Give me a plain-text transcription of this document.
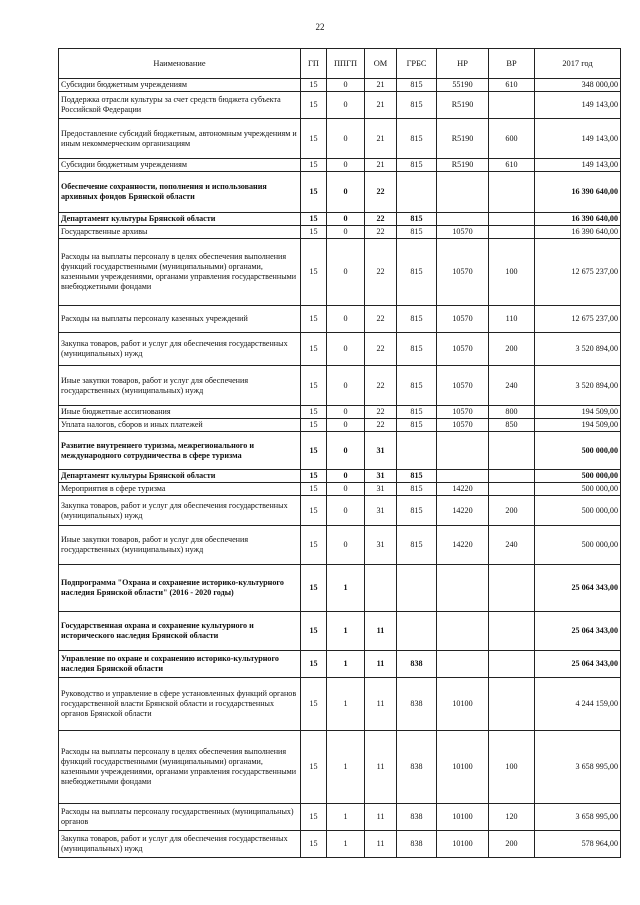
22
Наименование	ГП	ППГП	ОМ	ГРБС	НР	ВР	2017 год
Субсидии бюджетным учреждениям	15	0	21	815	55190	610	348 000,00
Поддержка отрасли культуры за счет средств бюджета субъекта Российской Федерации	15	0	21	815	R5190		149 143,00
Предоставление субсидий бюджетным, автономным учреждениям и иным некоммерческим организациям	15	0	21	815	R5190	600	149 143,00
Субсидии бюджетным учреждениям	15	0	21	815	R5190	610	149 143,00
Обеспечение сохранности, пополнения и использования архивных фондов Брянской области	15	0	22				16 390 640,00
Департамент культуры Брянской области	15	0	22	815			16 390 640,00
Государственные архивы	15	0	22	815	10570		16 390 640,00
Расходы на выплаты персоналу в целях обеспечения выполнения функций государственными (муниципальными) органами, казенными учреждениями, органами управления государственными внебюджетными фондами	15	0	22	815	10570	100	12 675 237,00
Расходы на выплаты персоналу казенных учреждений	15	0	22	815	10570	110	12 675 237,00
Закупка товаров, работ и услуг для обеспечения государственных (муниципальных) нужд	15	0	22	815	10570	200	3 520 894,00
Иные закупки товаров, работ и услуг для обеспечения государственных (муниципальных) нужд	15	0	22	815	10570	240	3 520 894,00
Иные бюджетные ассигнования	15	0	22	815	10570	800	194 509,00
Уплата налогов, сборов и иных платежей	15	0	22	815	10570	850	194 509,00
Развитие внутреннего туризма, межрегионального и международного сотрудничества в сфере туризма	15	0	31				500 000,00
Департамент культуры Брянской области	15	0	31	815			500 000,00
Мероприятия в сфере туризма	15	0	31	815	14220		500 000,00
Закупка товаров, работ и услуг для обеспечения государственных (муниципальных) нужд	15	0	31	815	14220	200	500 000,00
Иные закупки товаров, работ и услуг для обеспечения государственных (муниципальных) нужд	15	0	31	815	14220	240	500 000,00
Подпрограмма "Охрана и сохранение историко-культурного наследия Брянской области" (2016 - 2020 годы)	15	1					25 064 343,00
Государственная охрана и сохранение культурного и исторического наследия Брянской области	15	1	11				25 064 343,00
Управление по охране и сохранению историко-культурного наследия Брянской области	15	1	11	838			25 064 343,00
Руководство и управление в сфере установленных функций органов государственной власти Брянской области и государственных органов Брянской области	15	1	11	838	10100		4 244 159,00
Расходы на выплаты персоналу в целях обеспечения выполнения функций государственными (муниципальными) органами, казенными учреждениями, органами управления государственными внебюджетными фондами	15	1	11	838	10100	100	3 658 995,00
Расходы на выплаты персоналу государственных (муниципальных) органов	15	1	11	838	10100	120	3 658 995,00
Закупка товаров, работ и услуг для обеспечения государственных (муниципальных) нужд	15	1	11	838	10100	200	578 964,00
